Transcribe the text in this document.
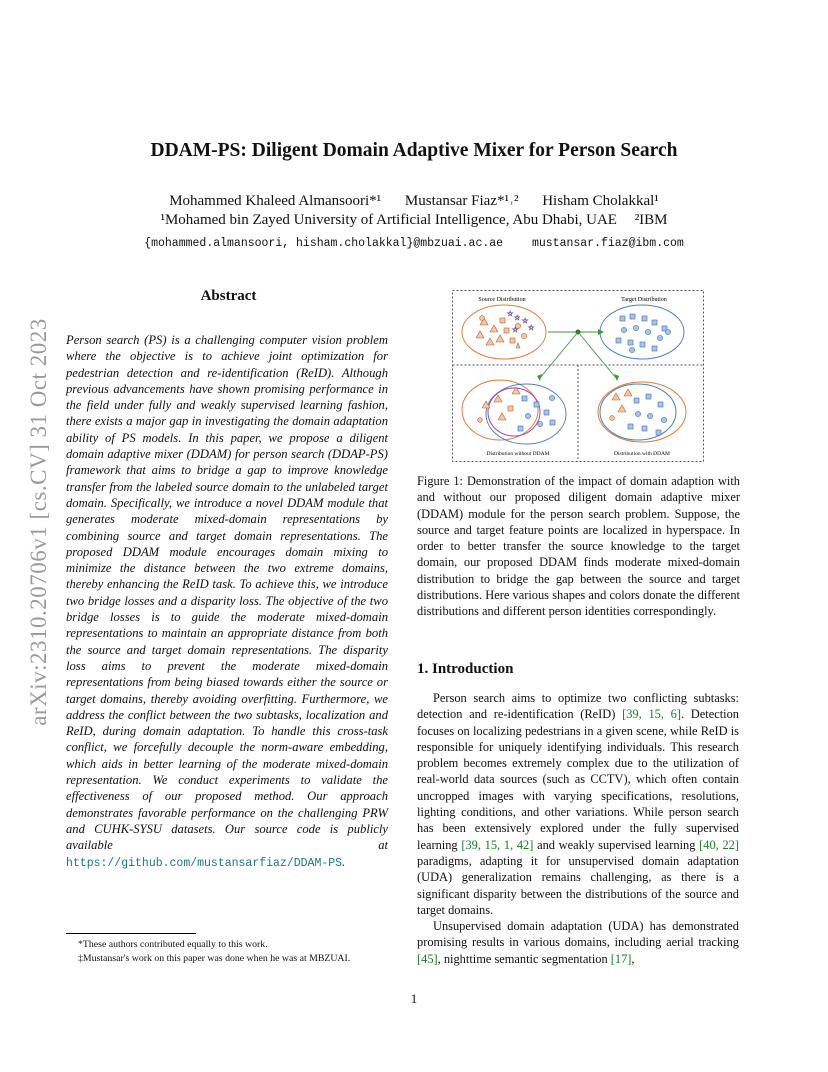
arXiv:2310.20706v1 [cs.CV] 31 Oct 2023
DDAM-PS: Diligent Domain Adaptive Mixer for Person Search
Mohammed Khaleed Almansoori*¹ Mustansar Fiaz*¹˒² Hisham Cholakkal¹
¹Mohamed bin Zayed University of Artificial Intelligence, Abu Dhabi, UAE ²IBM
{mohammed.almansoori, hisham.cholakkal}@mbzuai.ac.ae	mustansar.fiaz@ibm.com
Abstract
Person search (PS) is a challenging computer vision problem where the objective is to achieve joint optimization for pedestrian detection and re-identification (ReID). Although previous advancements have shown promising performance in the field under fully and weakly supervised learning fashion, there exists a major gap in investigating the domain adaptation ability of PS models. In this paper, we propose a diligent domain adaptive mixer (DDAM) for person search (DDAP-PS) framework that aims to bridge a gap to improve knowledge transfer from the labeled source domain to the unlabeled target domain. Specifically, we introduce a novel DDAM module that generates moderate mixed-domain representations by combining source and target domain representations. The proposed DDAM module encourages domain mixing to minimize the distance between the two extreme domains, thereby enhancing the ReID task. To achieve this, we introduce two bridge losses and a disparity loss. The objective of the two bridge losses is to guide the moderate mixed-domain representations to maintain an appropriate distance from both the source and target domain representations. The disparity loss aims to prevent the moderate mixed-domain representations from being biased towards either the source or target domains, thereby avoiding overfitting. Furthermore, we address the conflict between the two subtasks, localization and ReID, during domain adaptation. To handle this cross-task conflict, we forcefully decouple the norm-aware embedding, which aids in better learning of the moderate mixed-domain representation. We conduct experiments to validate the effectiveness of our proposed method. Our approach demonstrates favorable performance on the challenging PRW and CUHK-SYSU datasets. Our source code is publicly available at https://github.com/mustansarfiaz/DDAM-PS.
*These authors contributed equally to this work.
‡Mustansar's work on this paper was done when he was at MBZUAI.
Source Distribution	Target Distribution
Distribution without DDAM	Distribution with DDAM
☆ ☆ ☆
☆
☆
Figure 1: Demonstration of the impact of domain adaption with and without our proposed diligent domain adaptive mixer (DDAM) module for the person search problem. Suppose, the source and target feature points are localized in hyperspace. In order to better transfer the source knowledge to the target domain, our proposed DDAM finds moderate mixed-domain distribution to bridge the gap between the source and target distributions. Here various shapes and colors donate the different distributions and different person identities correspondingly.
1. Introduction

Person search aims to optimize two conflicting subtasks: detection and re-identification (ReID) [39, 15, 6]. Detection focuses on localizing pedestrians in a given scene, while ReID is responsible for uniquely identifying individuals. This research problem becomes extremely complex due to the utilization of real-world data sources (such as CCTV), which often contain uncropped images with varying specifications, resolutions, lighting conditions, and other variations. While person search has been extensively explored under the fully supervised learning [39, 15, 1, 42] and weakly supervised learning [40, 22] paradigms, adapting it for unsupervised domain adaptation (UDA) generalization remains challenging, as there is a significant disparity between the distributions of the source and target domains.

Unsupervised domain adaptation (UDA) has demonstrated promising results in various domains, including aerial tracking [45], nighttime semantic segmentation [17],

1
